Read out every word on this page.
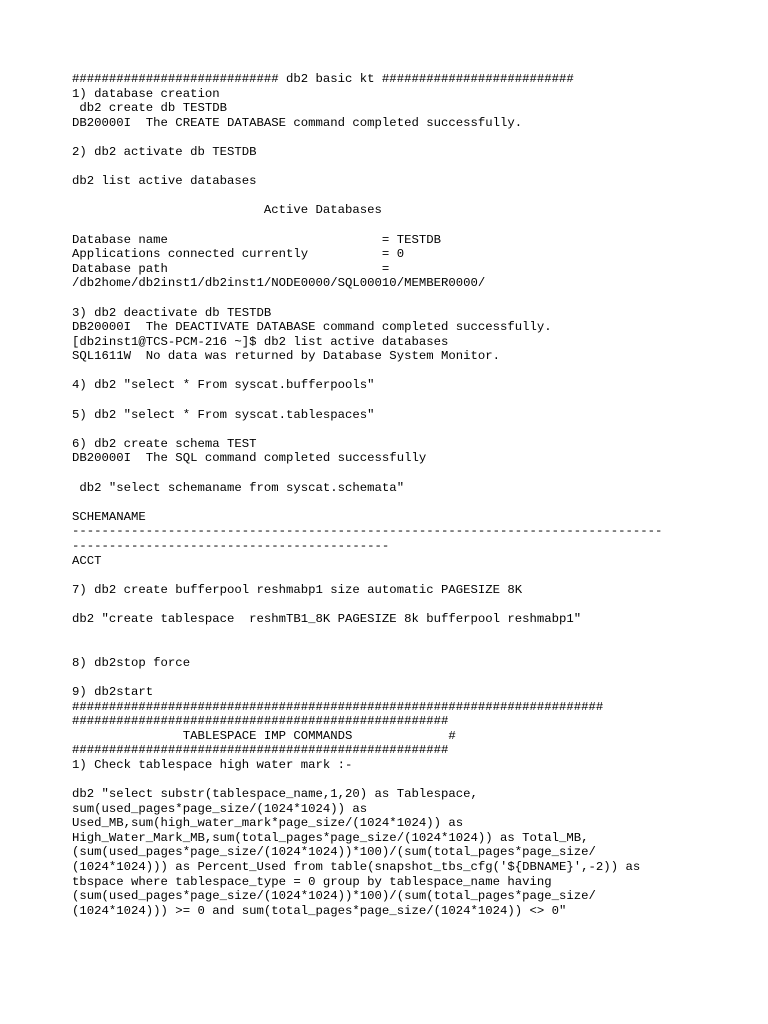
############################ db2 basic kt ##########################
1) database creation
db2 create db TESTDB
DB20000I  The CREATE DATABASE command completed successfully.
2) db2 activate db TESTDB
db2 list active databases
Active Databases
Database name                             = TESTDB
Applications connected currently          = 0
Database path                             =
/db2home/db2inst1/db2inst1/NODE0000/SQL00010/MEMBER0000/
3) db2 deactivate db TESTDB
DB20000I  The DEACTIVATE DATABASE command completed successfully.
[db2inst1@TCS-PCM-216 ~]$ db2 list active databases
SQL1611W  No data was returned by Database System Monitor.
4) db2 "select * From syscat.bufferpools"
5) db2 "select * From syscat.tablespaces"
6) db2 create schema TEST
DB20000I  The SQL command completed successfully
db2 "select schemaname from syscat.schemata"
SCHEMANAME
--------------------------------------------------------------------------------
-------------------------------------------
ACCT
7) db2 create bufferpool reshmabp1 size automatic PAGESIZE 8K
db2 "create tablespace  reshmTB1_8K PAGESIZE 8k bufferpool reshmabp1"
8) db2stop force
9) db2start
########################################################################
###################################################
TABLESPACE IMP COMMANDS             #
###################################################
1) Check tablespace high water mark :-
db2 "select substr(tablespace_name,1,20) as Tablespace,
sum(used_pages*page_size/(1024*1024)) as
Used_MB,sum(high_water_mark*page_size/(1024*1024)) as
High_Water_Mark_MB,sum(total_pages*page_size/(1024*1024)) as Total_MB,
(sum(used_pages*page_size/(1024*1024))*100)/(sum(total_pages*page_size/
(1024*1024))) as Percent_Used from table(snapshot_tbs_cfg('${DBNAME}',-2)) as
tbspace where tablespace_type = 0 group by tablespace_name having
(sum(used_pages*page_size/(1024*1024))*100)/(sum(total_pages*page_size/
(1024*1024))) >= 0 and sum(total_pages*page_size/(1024*1024)) <> 0"
